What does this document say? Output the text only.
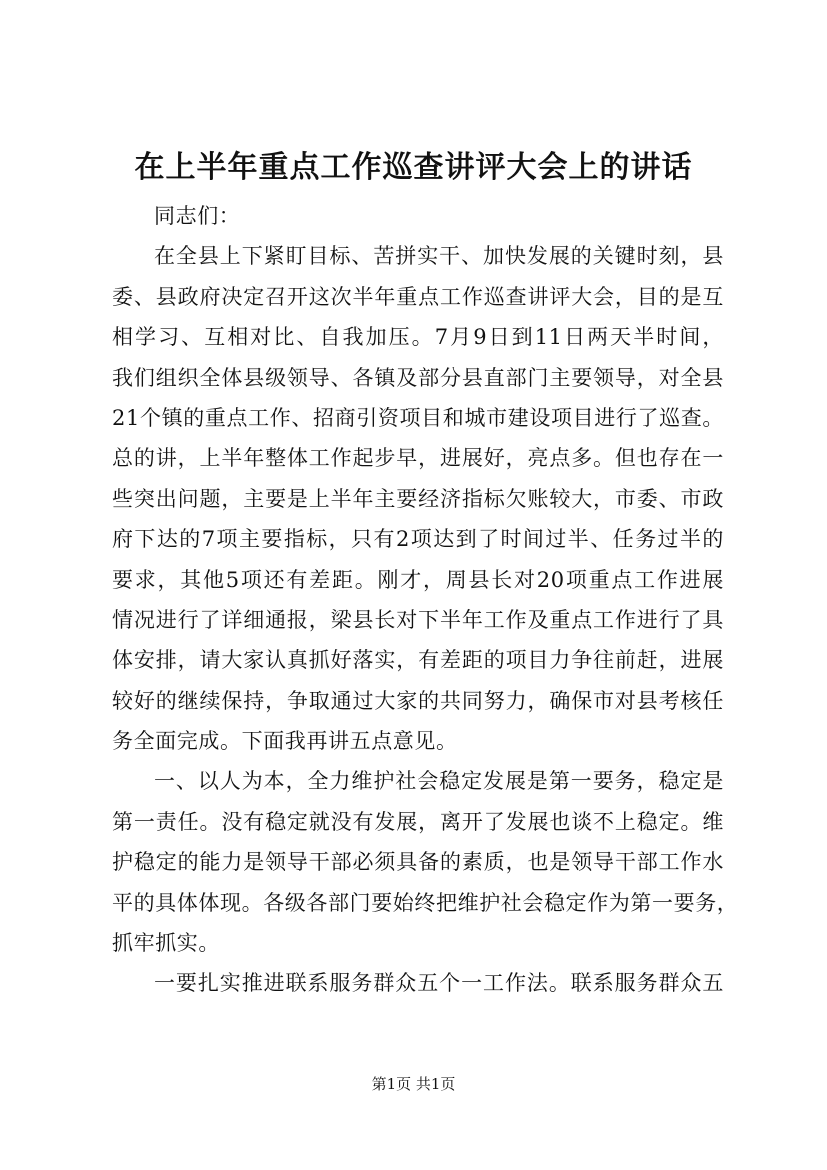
在上半年重点工作巡查讲评大会上的讲话
同志们：
在全县上下紧盯目标、苦拼实干、加快发展的关键时刻，县
委、县政府决定召开这次半年重点工作巡查讲评大会，目的是互
相学习、互相对比、自我加压。7月9日到11日两天半时间，
我们组织全体县级领导、各镇及部分县直部门主要领导，对全县
21个镇的重点工作、招商引资项目和城市建设项目进行了巡查。
总的讲，上半年整体工作起步早，进展好，亮点多。但也存在一
些突出问题，主要是上半年主要经济指标欠账较大，市委、市政
府下达的7项主要指标，只有2项达到了时间过半、任务过半的
要求，其他5项还有差距。刚才，周县长对20项重点工作进展
情况进行了详细通报，梁县长对下半年工作及重点工作进行了具
体安排，请大家认真抓好落实，有差距的项目力争往前赶，进展
较好的继续保持，争取通过大家的共同努力，确保市对县考核任
务全面完成。下面我再讲五点意见。
一、以人为本，全力维护社会稳定发展是第一要务，稳定是
第一责任。没有稳定就没有发展，离开了发展也谈不上稳定。维
护稳定的能力是领导干部必须具备的素质，也是领导干部工作水
平的具体体现。各级各部门要始终把维护社会稳定作为第一要务，
抓牢抓实。
一要扎实推进联系服务群众五个一工作法。联系服务群众五
第1页 共1页
